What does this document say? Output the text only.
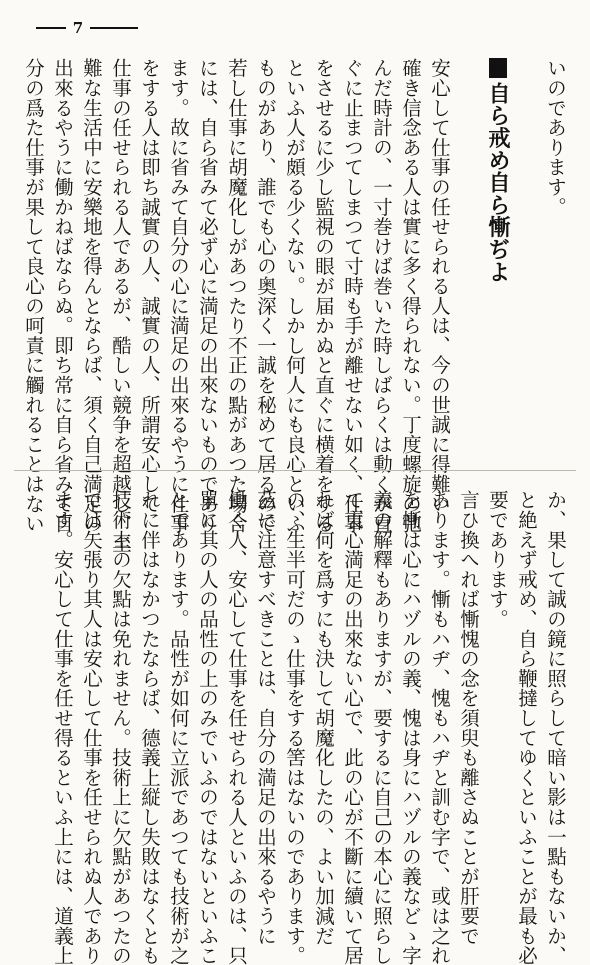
7
いのであります。
自ら戒め自ら慚ぢよ
安心して仕事の任せられる人は、今の世誠に得難い
確き信念ある人は實に多く得られない。丁度螺旋の弛
んだ時計の、一寸巻けば巻いた時しばらくは動くが直
ぐに止まつてしまつて寸時も手が離せない如く、仕事
をさせるに少し監視の眼が届かぬと直ぐに横着をする
といふ人が頗る少くない。しかし何人にも良心といふ
ものがあり、誰でも心の奥深く一誠を秘めて居るので
若し仕事に胡魔化しがあつたり不正の點があつた場合
には、自ら省みて必ず心に満足の出來ないものであり
ます。故に省みて自分の心に満足の出來るやうに仕事
をする人は即ち誠實の人、誠實の人、所謂安心して
仕事の任せられる人であるが、酷しい競争を超越し、至
難な生活中に安樂地を得んとならば、須く自己満足の
出來るやうに働かねばならぬ。即ち常に自ら省みて自
分の爲た仕事が果して良心の呵責に觸れることはない
か、果して誠の鏡に照らして暗い影は一點もないか、
と絶えず戒め、自ら鞭撻してゆくといふことが最も必
要であります。
言ひ換へれば慚愧の念を須臾も離さぬことが肝要で
あります。慚もハヂ、愧もハヂと訓む字で、或は之れ
を慚は心にハヅルの義、愧は身にハヅルの義などゝ字
義の解釋もありますが、要するに自己の本心に照らし
て衷心満足の出來ない心で、此の心が不斷に續いて居
れば何を爲すにも決して胡魔化したの、よい加減だ
の、生半可だのゝ仕事をする筈はないのであります。
茲に注意すべきことは、自分の満足の出來るやうに
働く人、安心して仕事を任せられる人といふのは、只
單に其の人の品性の上のみでいふのではないといふこ
とであります。品性が如何に立派であつても技術が之
れに伴はなかつたならば、德義上縦し失敗はなくとも
技術上の欠點は免れません。技術上に欠點があつたの
では矢張り其人は安心して仕事を任せられぬ人であり
ます。安心して仕事を任せ得るといふ上には、道義上
